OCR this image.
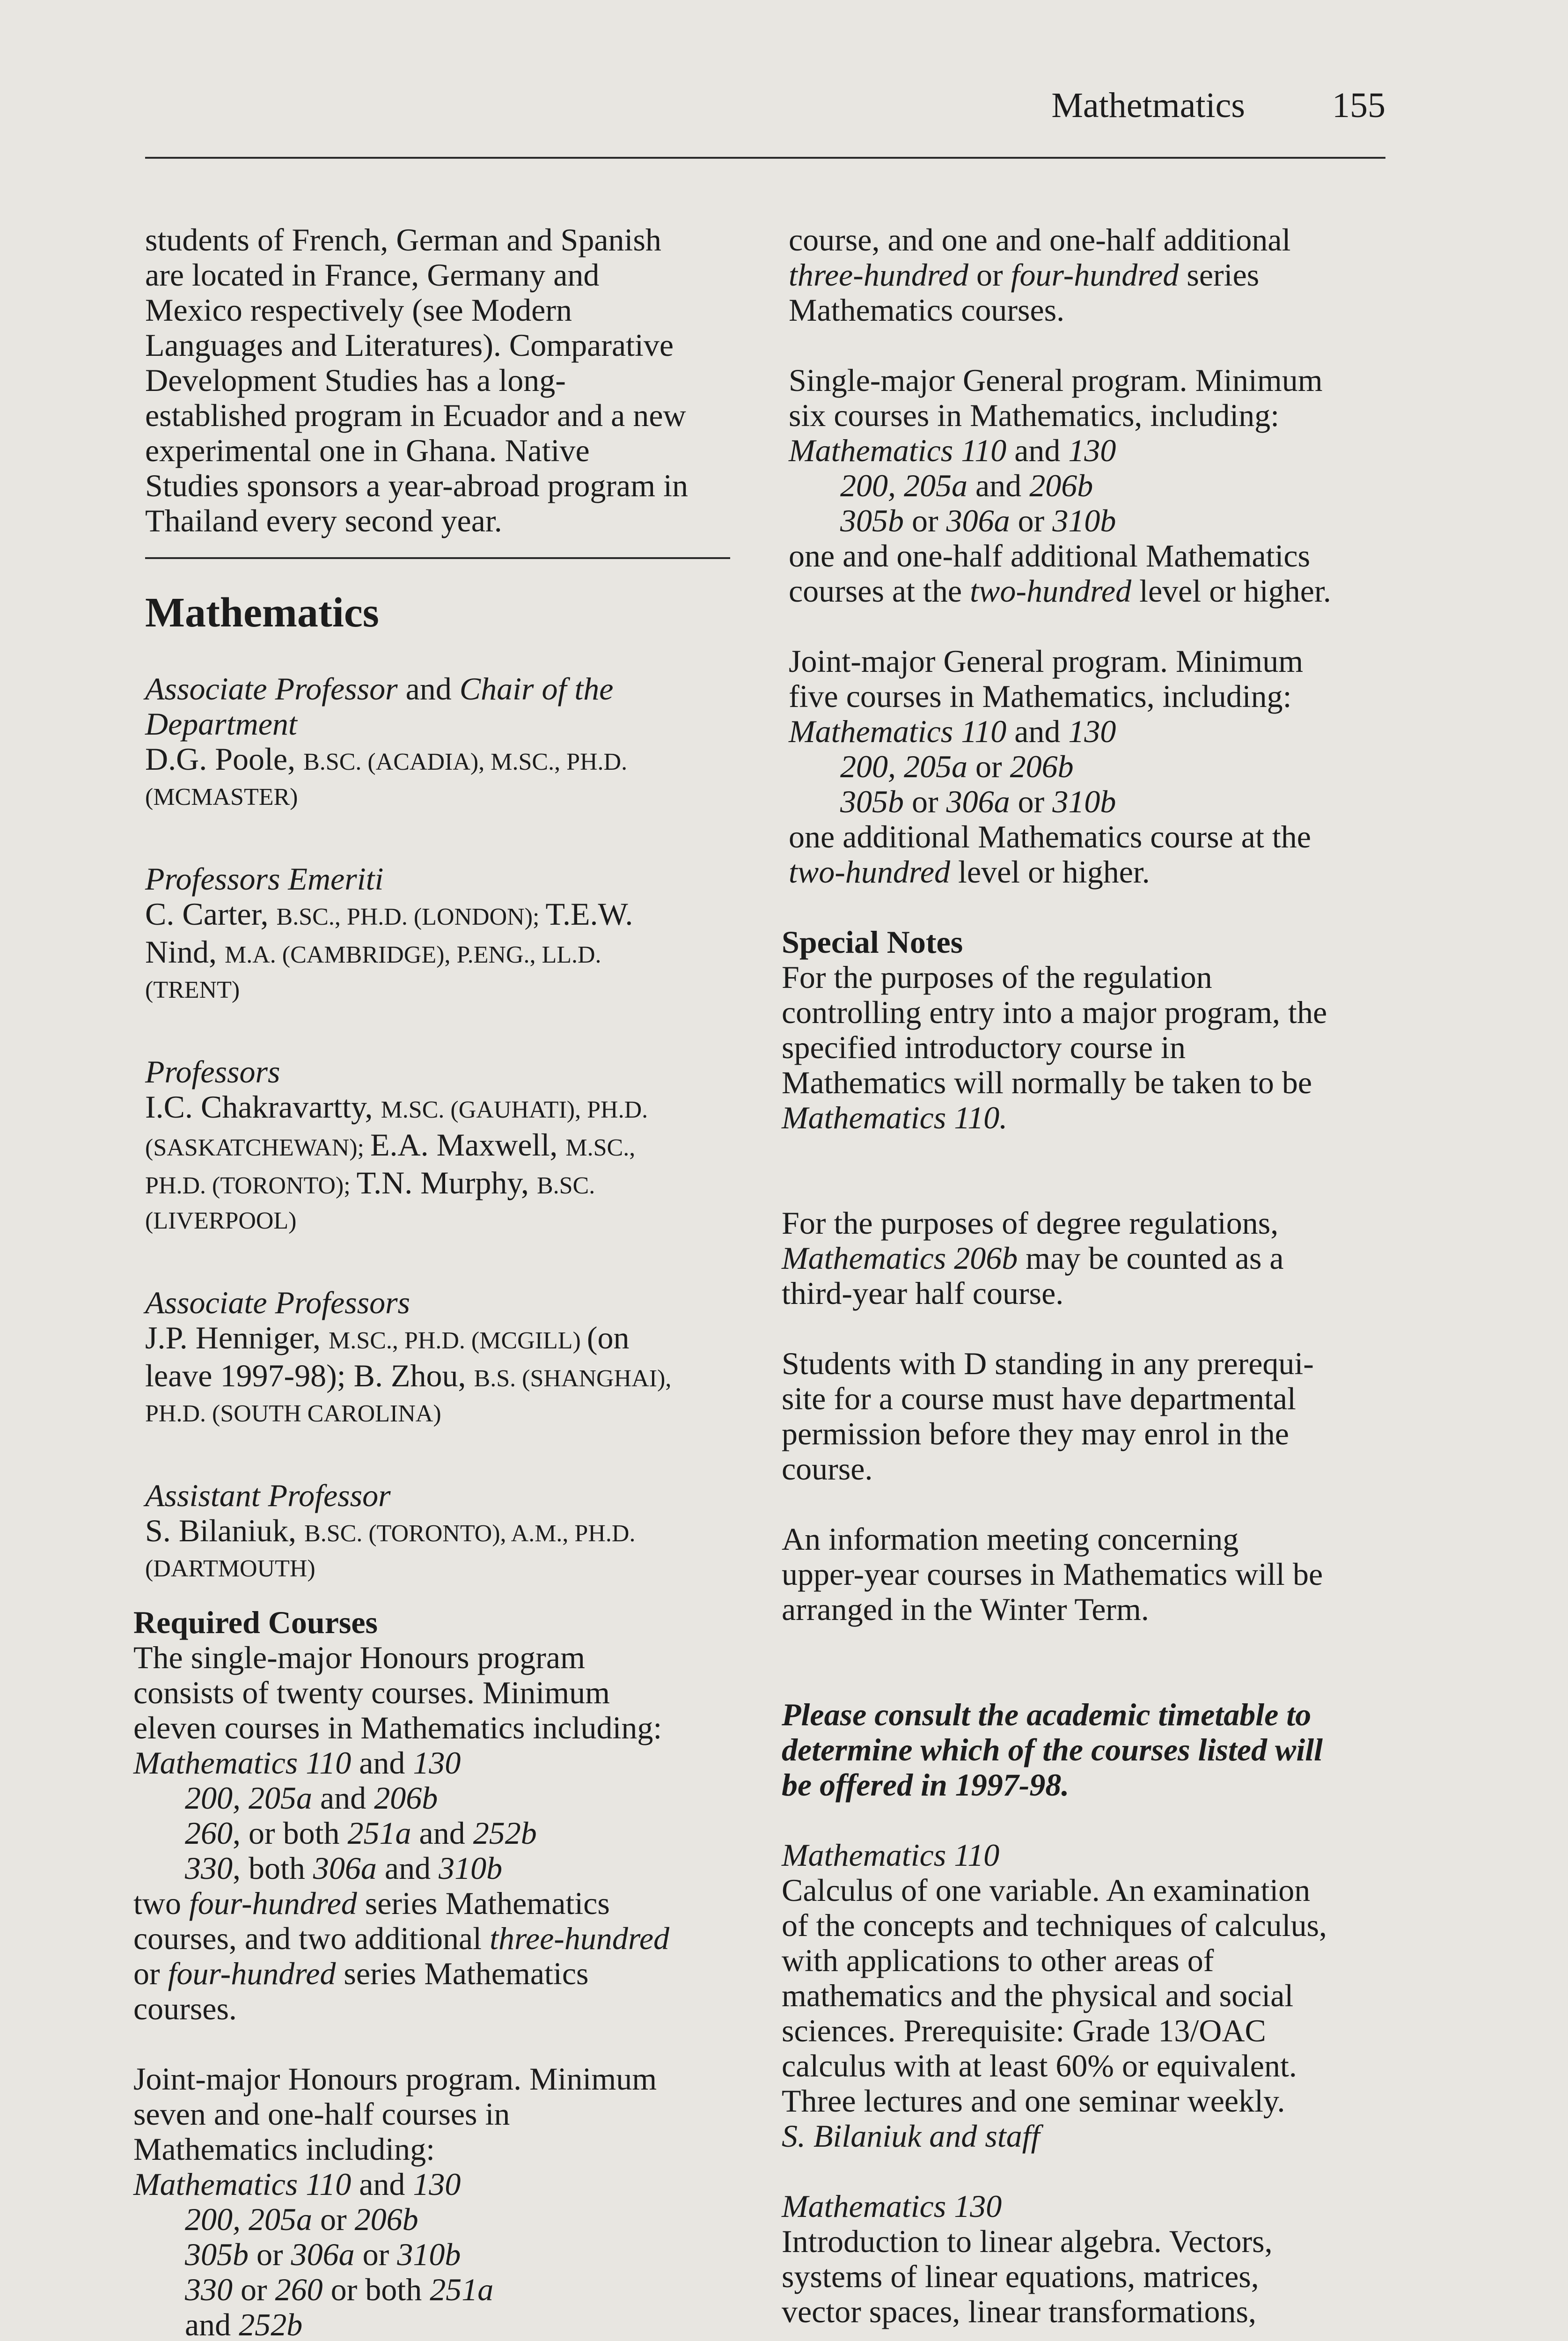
Mathetmatics 155

students of French, German and Spanish
are located in France, Germany and
Mexico respectively (see Modern
Languages and Literatures). Comparative
Development Studies has a long-
established program in Ecuador and a new
experimental one in Ghana. Native
Studies sponsors a year-abroad program in
Thailand every second year.

Mathematics
Associate Professor and Chair of the
Department
D.G. Poole, B.SC. (ACADIA), M.SC., PH.D.
(MCMASTER)
Professors Emeriti
C. Carter, B.SC., PH.D. (LONDON); T.E.W.
Nind, M.A. (CAMBRIDGE), P.ENG., LL.D.
(TRENT)
Professors
I.C. Chakravartty, M.SC. (GAUHATI), PH.D.
(SASKATCHEWAN); E.A. Maxwell, M.SC.,
PH.D. (TORONTO); T.N. Murphy, B.SC.
(LIVERPOOL)
Associate Professors
J.P. Henniger, M.SC., PH.D. (MCGILL) (on
leave 1997-98); B. Zhou, B.S. (SHANGHAI),
PH.D. (SOUTH CAROLINA)
Assistant Professor
S. Bilaniuk, B.SC. (TORONTO), A.M., PH.D.
(DARTMOUTH)

Required Courses

The single-major Honours program
consists of twenty courses. Minimum
eleven courses in Mathematics including:
Mathematics 110 and 130
200, 205a and 206b
260, or both 251a and 252b
330, both 306a and 310b
two four-hundred series Mathematics
courses, and two additional three-hundred
or four-hundred series Mathematics
courses.

Joint-major Honours program. Minimum
seven and one-half courses in
Mathematics including:
Mathematics 110 and 130
200, 205a or 206b
305b or 306a or 310b
330 or 260 or both 251a
and 252b

course, and one and one-half additional
three-hundred or four-hundred series
Mathematics courses.

Single-major General program. Minimum
six courses in Mathematics, including:
Mathematics 110 and 130
200, 205a and 206b
305b or 306a or 310b
one and one-half additional Mathematics
courses at the two-hundred level or higher.

Joint-major General program. Minimum
five courses in Mathematics, including:
Mathematics 110 and 130
200, 205a or 206b
305b or 306a or 310b
one additional Mathematics course at the
two-hundred level or higher.

Special Notes

For the purposes of the regulation
controlling entry into a major program, the
specified introductory course in
Mathematics will normally be taken to be
Mathematics 110.

For the purposes of degree regulations,
Mathematics 206b may be counted as a
third-year half course.

Students with D standing in any prerequi-
site for a course must have departmental
permission before they may enrol in the
course.

An information meeting concerning
upper-year courses in Mathematics will be
arranged in the Winter Term.

Please consult the academic timetable to
determine which of the courses listed will
be offered in 1997-98.

Mathematics 110
Calculus of one variable. An examination
of the concepts and techniques of calculus,
with applications to other areas of
mathematics and the physical and social
sciences. Prerequisite: Grade 13/OAC
calculus with at least 60% or equivalent.
Three lectures and one seminar weekly.
S. Bilaniuk and staff
Mathematics 130
Introduction to linear algebra. Vectors,
systems of linear equations, matrices,
vector spaces, linear transformations,
